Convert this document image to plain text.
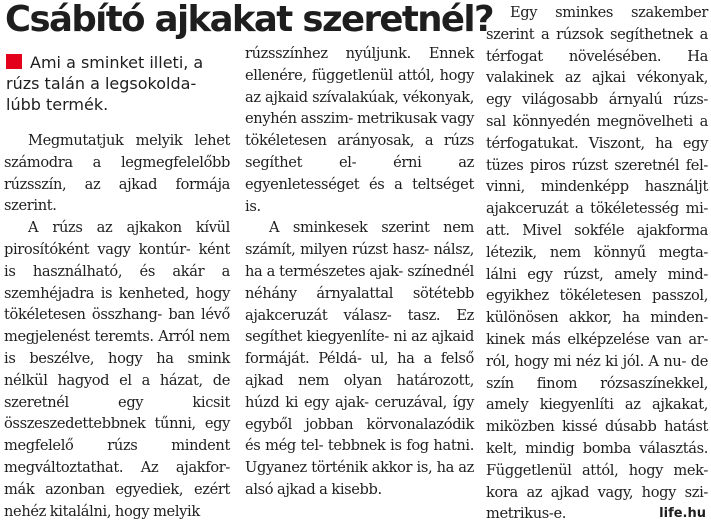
Csábító ajkakat szeretnél?
Ami a sminket illeti, a rúzs talán a legsokolda- lúbb termék.

Megmutatjuk melyik lehet számodra a legmegfelelőbb rúzsszín, az ajkad formája szerint.

A rúzs az ajkakon kívül pirosítóként vagy kontúr- ként is használható, és akár a szemhéjadra is kenheted, hogy tökéletesen összhang- ban lévő megjelenést teremts. Arról nem is beszélve, hogy ha smink nélkül hagyod el a házat, de szeretnél egy kicsit összeszedettebbnek tűnni, egy megfelelő rúzs mindent megváltoztathat. Az ajakfor- mák azonban egyediek, ezért nehéz kitalálni, hogy melyik

rúzsszínhez nyúljunk. Ennek ellenére, függetlenül attól, hogy az ajkaid szívalakúak, vékonyak, enyhén asszim- metrikusak vagy tökéletesen arányosak, a rúzs segíthet el- érni az egyenletességet és a teltséget is.

A sminkesek szerint nem számít, milyen rúzst hasz- nálsz, ha a természetes ajak- színednél néhány árnyalattal sötétebb ajakceruzát válasz- tasz. Ez segíthet kiegyenlíte- ni az ajkaid formáját. Példá- ul, ha a felső ajkad nem olyan határozott, húzd ki egy ajak- ceruzával, így egyből jobban körvonalazódik és még tel- tebbnek is fog hatni. Ugyanez történik akkor is, ha az alsó ajkad a kisebb.

Egy sminkes szakember szerint a rúzsok segíthetnek a térfogat növelésében. Ha valakinek az ajkai vékonyak, egy világosabb árnyalú rúzs- sal könnyedén megnövelheti a térfogatukat. Viszont, ha egy tüzes piros rúzst szeretnél fel- vinni, mindenképp használjt ajakceruzát a tökéletesség mi- att. Mivel sokféle ajakforma létezik, nem könnyű megta- lálni egy rúzst, amely mind- egyikhez tökéletesen passzol, különösen akkor, ha minden- kinek más elképzelése van ar- ról, hogy mi néz ki jól. A nu- de szín finom rózsaszínekkel, amely kiegyenlíti az ajkakat, miközben kissé dúsabb hatást kelt, mindig bomba választás. Függetlenül attól, hogy mek- kora az ajkad vagy, hogy szi- metrikus-e.	life.hu
